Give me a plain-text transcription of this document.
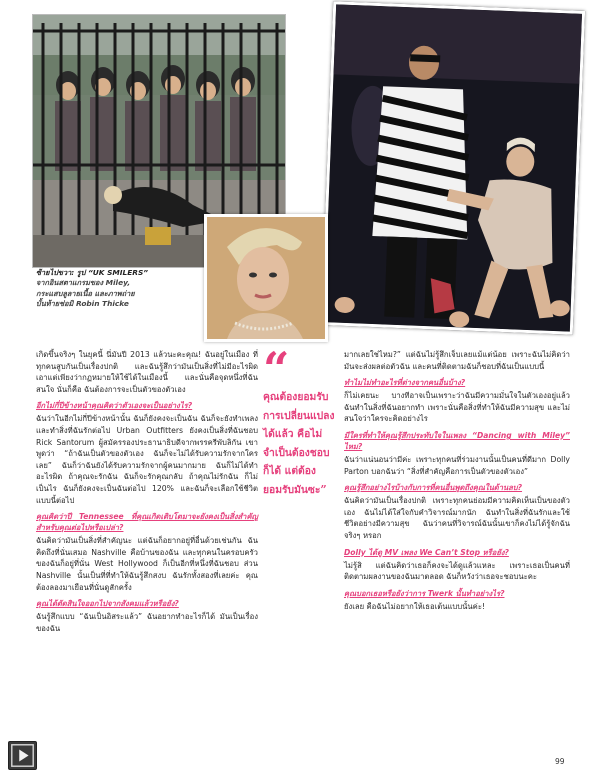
ซ้ายไปขวา: รูป “UK SMILERS”
จากอินสตาแกรมของ Miley,
กระแสบลูลายเนื้อ และภาพถ่าย
บั้นท้ายช่อมิ Robin Thicke

เกิดขึ้นจริงๆ ในยุคนี้ นี่มันปี 2013 แล้วนะคะคุณ! ฉันอยู่ในเมือง ที่ทุกคนสูบกันเป็นเรื่องปกติ และฉันรู้สึกว่ามันเป็นสิ่งที่ไม่มีอะไรผิด เอาแต่เพียงว่ากฏหมายให้ใช้ได้ในเมืองนี้ และนั่นคือจุดหนึ่งที่ฉันสนใจ นั่นก็คือ ฉันต้องการจะเป็นตัวของตัวเอง

อีกไม่กี่ปีข้างหน้าคุณคิดว่าตัวเองจะเป็นอย่างไร?

ฉันว่าในอีกไม่กี่ปีข้างหน้านั้น ฉันก็ยังคงจะเป็นฉัน ฉันก็จะยังทำเพลงและทำสิ่งที่ฉันรักต่อไป Urban Outfitters ยังคงเป็นสิ่งที่ฉันชอบ Rick Santorum ผู้สมัครรองประธานาธิบดีจากพรรครีพับลิกัน เขาพูดว่า “ถ้าฉันเป็นตัวของตัวเอง ฉันก็จะไม่ได้รับความรักจากใครเลย” ฉันก็ว่าฉันยังได้รับความรักจากผู้คนมากมาย ฉันก็ไม่ได้ทำอะไรผิด ถ้าคุณจะรักฉัน ฉันก็จะรักคุณกลับ ถ้าคุณไม่รักฉัน ก็ไม่เป็นไร ฉันก็ยังคงจะเป็นฉันต่อไป 120% และฉันก็จะเลือกใช้ชีวิตแบบนี้ต่อไป

คุณคิดว่าปี Tennessee ที่คุณเกิดเติบโตมาจะยังคงเป็นสิ่งสำคัญสำหรับคุณต่อไปหรือเปล่า?

ฉันคิดว่ามันเป็นสิ่งที่สำคัญนะ แต่ฉันก็อยากอยู่ที่อื่นด้วยเช่นกัน ฉันคิดถึงที่นั่นเสมอ Nashville คือบ้านของฉัน และทุกคนในครอบครัวของฉันก็อยู่ที่นั่น West Hollywood ก็เป็นอีกที่หนึ่งที่ฉันชอบ ส่วน Nashville นั้นเป็นที่ที่ทำให้ฉันรู้สึกสงบ ฉันรักทั้งสองที่เลยค่ะ คุณต้องลองมาเยือนที่นั่นดูสักครั้ง

คุณได้ตัดสินใจออกไปจากสังคมแล้วหรือยัง?

ฉันรู้สึกแบบ “ฉันเป็นอิสระแล้ว” ฉันอยากทำอะไรก็ได้ มันเป็นเรื่องของฉัน

“
คุณต้องยอมรับการเปลี่ยนแปลง ได้แล้ว คือไม่จำเป็นต้องชอบก็ได้ แต่ต้องยอมรับมันซะ”

มากเลยใช่ไหม?” แต่ฉันไม่รู้สึกเจ็บเลยแม้แต่น้อย เพราะฉันไม่คิดว่ามันจะส่งผลต่อตัวฉัน และคนที่ติดตามฉันก็ชอบที่ฉันเป็นแบบนี้

ทำไมไม่ทำอะไรที่ต่างจากคนอื่นบ้าง?

ก็ไม่เคยนะ บางทีอาจเป็นเพราะว่าฉันมีความมั่นใจในตัวเองอยู่แล้ว ฉันทำในสิ่งที่ฉันอยากทำ เพราะนั่นคือสิ่งที่ทำให้ฉันมีความสุข และไม่สนใจว่าใครจะคิดอย่างไร

มีใครที่ทำให้คุณรู้สึกประทับใจในเพลง “Dancing with Miley” ไหม?

ฉันว่าแน่นอนว่ามีค่ะ เพราะทุกคนที่ร่วมงานนั้นเป็นคนที่ดีมาก Dolly Parton บอกฉันว่า “สิ่งที่สำคัญคือการเป็นตัวของตัวเอง”

คุณรู้สึกอย่างไรบ้างกับการที่คนอื่นพูดถึงคุณในด้านลบ?

ฉันคิดว่ามันเป็นเรื่องปกติ เพราะทุกคนย่อมมีความคิดเห็นเป็นของตัวเอง ฉันไม่ได้ใส่ใจกับคำวิจารณ์มากนัก ฉันทำในสิ่งที่ฉันรักและใช้ชีวิตอย่างมีความสุข ฉันว่าคนที่วิจารณ์ฉันนั้นเขาก็คงไม่ได้รู้จักฉันจริงๆ หรอก

Dolly ได้ดู MV เพลง We Can’t Stop หรือยัง?

ไม่รู้สิ แต่ฉันคิดว่าเธอก็คงจะได้ดูแล้วแหละ เพราะเธอเป็นคนที่ติดตามผลงานของฉันมาตลอด ฉันก็หวังว่าเธอจะชอบนะคะ

คุณบอกเธอหรือยังว่าการ Twerk นั้นทำอย่างไร?

ยังเลย คือฉันไม่อยากให้เธอเต้นแบบนั้นค่ะ!

99
